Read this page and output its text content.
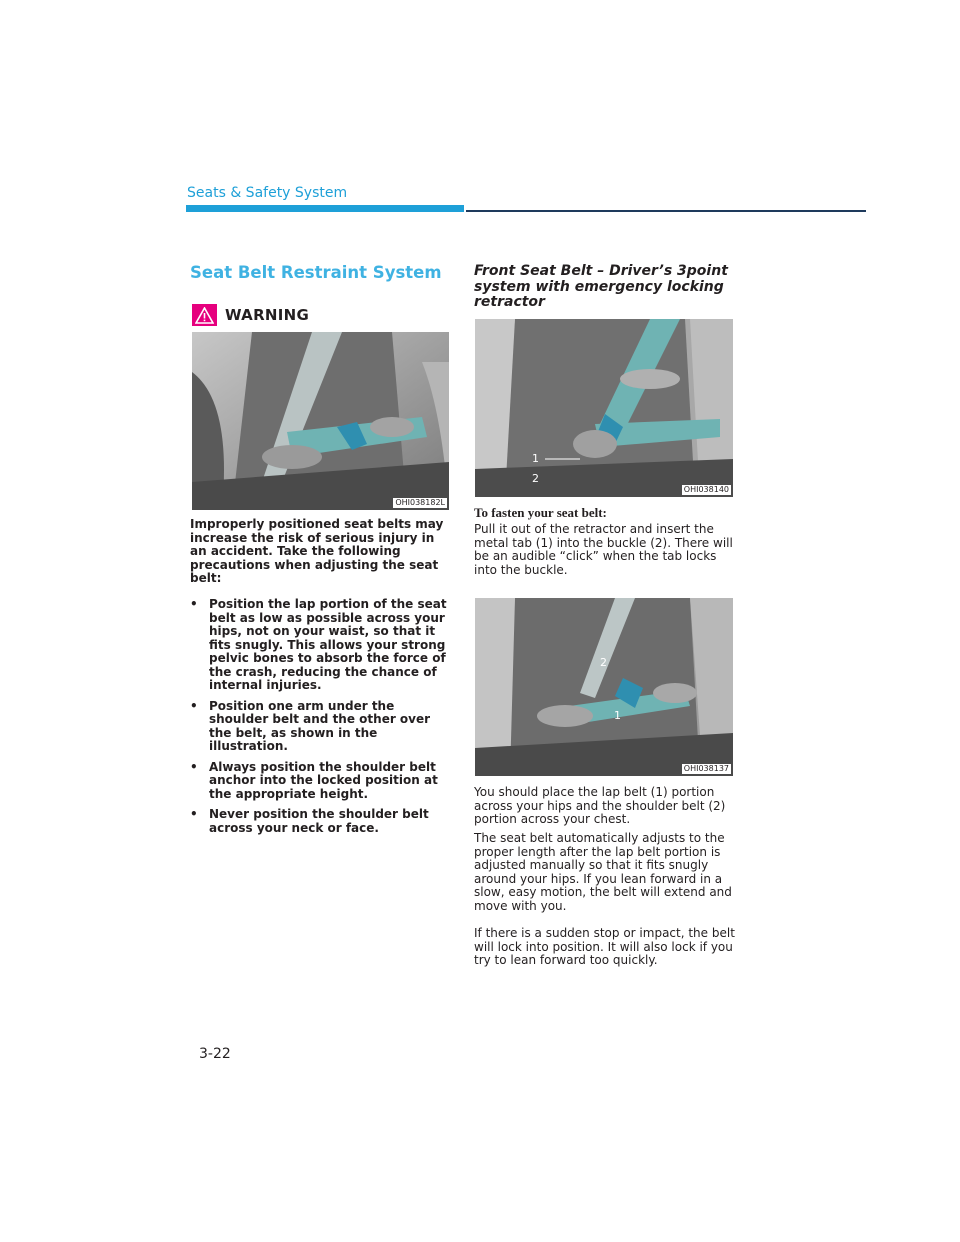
Seats & Safety System
Seat Belt Restraint System
WARNING
OHI038182L
Improperly positioned seat belts may increase the risk of serious injury in an accident. Take the following precautions when adjusting the seat belt:
• Position the lap portion of the seat belt as low as possible across your hips, not on your waist, so that it fits snugly. This allows your strong pelvic bones to absorb the force of the crash, reducing the chance of internal injuries.
• Position one arm under the shoulder belt and the other over the belt, as shown in the illustration.
• Always position the shoulder belt anchor into the locked position at the appropriate height.
• Never position the shoulder belt across your neck or face.
Front Seat Belt – Driver’s 3point system with emergency locking retractor
1
2
OHI038140
To fasten your seat belt:
Pull it out of the retractor and insert the metal tab (1) into the buckle (2). There will be an audible “click” when the tab locks into the buckle.
2
1
OHI038137
You should place the lap belt (1) portion across your hips and the shoulder belt (2) portion across your chest.
The seat belt automatically adjusts to the proper length after the lap belt portion is adjusted manually so that it fits snugly around your hips. If you lean forward in a slow, easy motion, the belt will extend and move with you.
If there is a sudden stop or impact, the belt will lock into position. It will also lock if you try to lean forward too quickly.
3-22
